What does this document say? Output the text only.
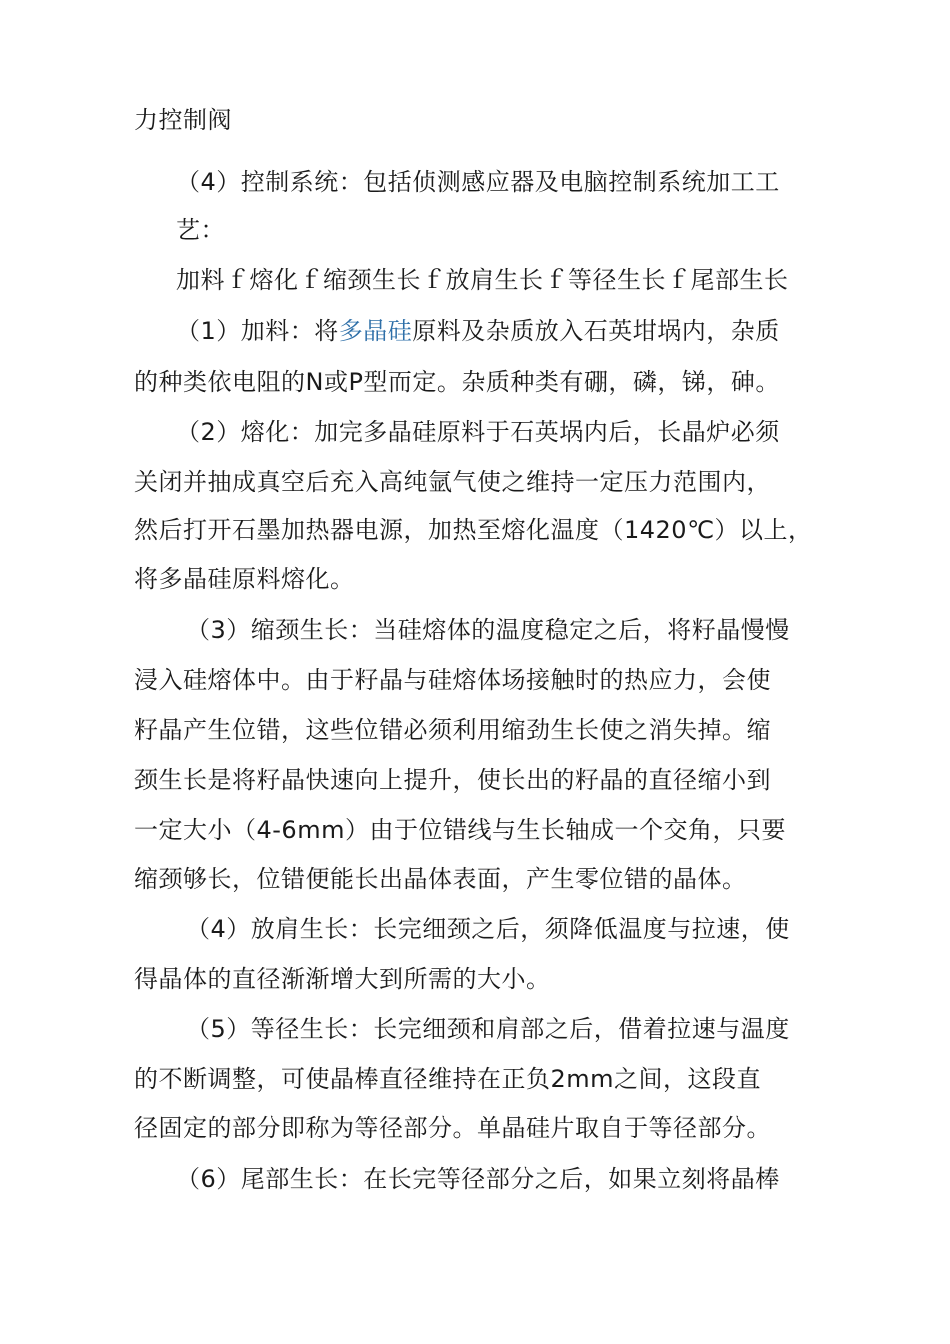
力控制阀
（4）控制系统：包括侦测感应器及电脑控制系统加工工
艺：
加料ｆ熔化ｆ缩颈生长ｆ放肩生长ｆ等径生长ｆ尾部生长
（1）加料：将多晶硅原料及杂质放入石英坩埚内，杂质
的种类依电阻的N或P型而定。杂质种类有硼，磷，锑，砷。
（2）熔化：加完多晶硅原料于石英埚内后，长晶炉必须
关闭并抽成真空后充入高纯氩气使之维持一定压力范围内，
然后打开石墨加热器电源，加热至熔化温度（1420℃）以上，
将多晶硅原料熔化。
（3）缩颈生长：当硅熔体的温度稳定之后，将籽晶慢慢
浸入硅熔体中。由于籽晶与硅熔体场接触时的热应力，会使
籽晶产生位错，这些位错必须利用缩劲生长使之消失掉。缩
颈生长是将籽晶快速向上提升，使长出的籽晶的直径缩小到
一定大小（4-6mm）由于位错线与生长轴成一个交角，只要
缩颈够长，位错便能长出晶体表面，产生零位错的晶体。
（4）放肩生长：长完细颈之后，须降低温度与拉速，使
得晶体的直径渐渐增大到所需的大小。
（5）等径生长：长完细颈和肩部之后，借着拉速与温度
的不断调整，可使晶棒直径维持在正负2mm之间，这段直
径固定的部分即称为等径部分。单晶硅片取自于等径部分。
（6）尾部生长：在长完等径部分之后，如果立刻将晶棒
